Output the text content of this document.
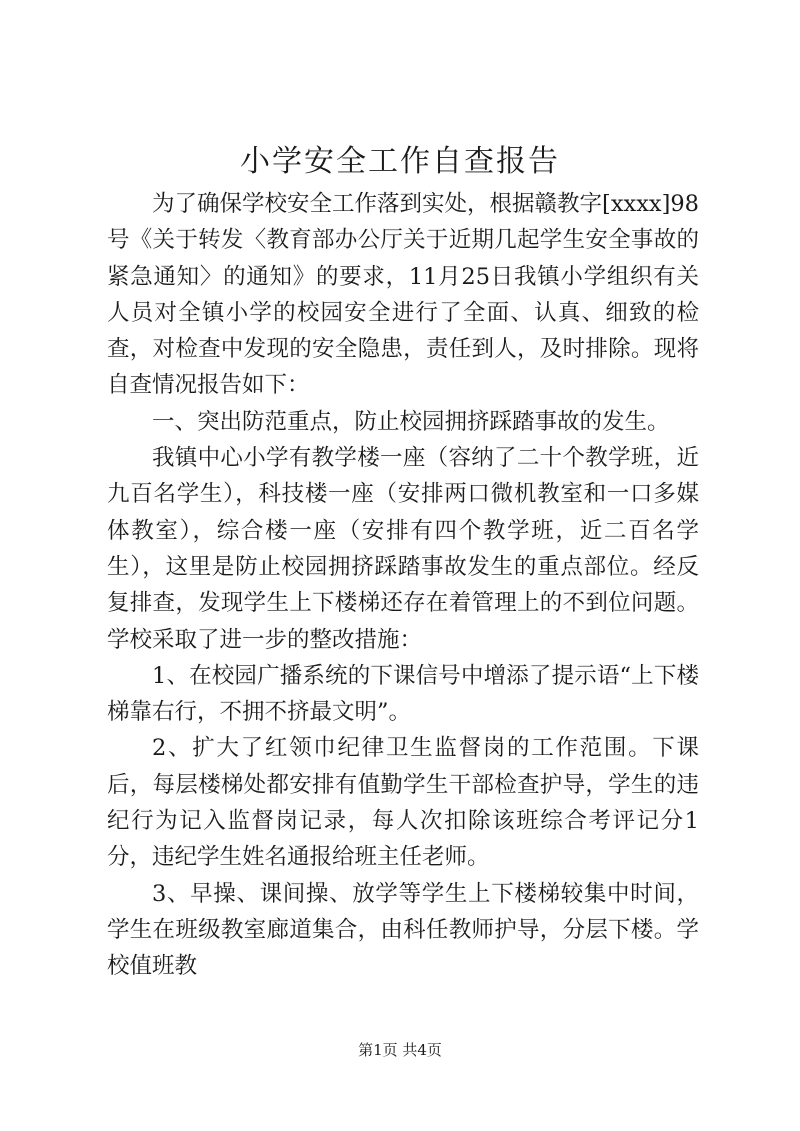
小学安全工作自查报告

为了确保学校安全工作落到实处，根据赣教字[xxxx]98号《关于转发〈教育部办公厅关于近期几起学生安全事故的紧急通知〉的通知》的要求，11月25日我镇小学组织有关人员对全镇小学的校园安全进行了全面、认真、细致的检查，对检查中发现的安全隐患，责任到人，及时排除。现将自查情况报告如下：

一、突出防范重点，防止校园拥挤踩踏事故的发生。

我镇中心小学有教学楼一座（容纳了二十个教学班，近九百名学生），科技楼一座（安排两口微机教室和一口多媒体教室），综合楼一座（安排有四个教学班，近二百名学生），这里是防止校园拥挤踩踏事故发生的重点部位。经反复排查，发现学生上下楼梯还存在着管理上的不到位问题。学校采取了进一步的整改措施：

1、在校园广播系统的下课信号中增添了提示语“上下楼梯靠右行，不拥不挤最文明”。

2、扩大了红领巾纪律卫生监督岗的工作范围。下课后，每层楼梯处都安排有值勤学生干部检查护导，学生的违纪行为记入监督岗记录，每人次扣除该班综合考评记分1分，违纪学生姓名通报给班主任老师。

3、早操、课间操、放学等学生上下楼梯较集中时间，学生在班级教室廊道集合，由科任教师护导，分层下楼。学校值班教

第1页 共4页
